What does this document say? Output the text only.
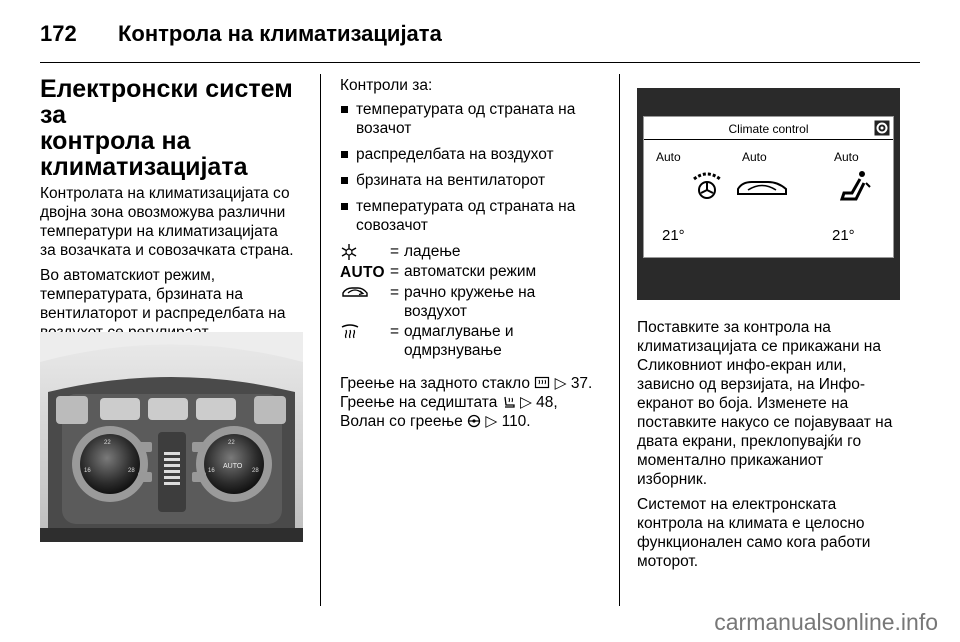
172	Контрола на климатизацијата
Електронски систем за
контрола на
климатизацијата

Контролата на климатизацијата со
двојна зона овозможува различни
температури на климатизацијата
за возачката и совозачката страна.

Во автоматскиот режим,
температурата, брзината на
вентилаторот и распределбата на

22
16	28
22
AUTO
16	28

Контроли за:

температурата од страната на
возачот
распределбата на воздухот
брзината на вентилаторот
температурата од страната на
совозачот
= ладење
AUTO = автоматски режим
= рачно кружење на
воздухот
= одмаглување и
одмрзнување

Греење на задното стакло ▷ 37.
Греење на седиштата ▷ 48,
Волан со греење ▷ 110.

Climate control
Auto	Auto	Auto
21°	21°

Поставките за контрола на
климатизацијата се прикажани на
Сликовниот инфо-екран или,
зависно од верзијата, на Инфо-
екранот во боја. Изменете на
поставките накусо се појавуваат на
двата екрани, преклопувајќи го
моментално прикажаниот
изборник.

Системот на електронската
контрола на климата е целосно
функционален само кога работи
моторот.

carmanualsonline.info
